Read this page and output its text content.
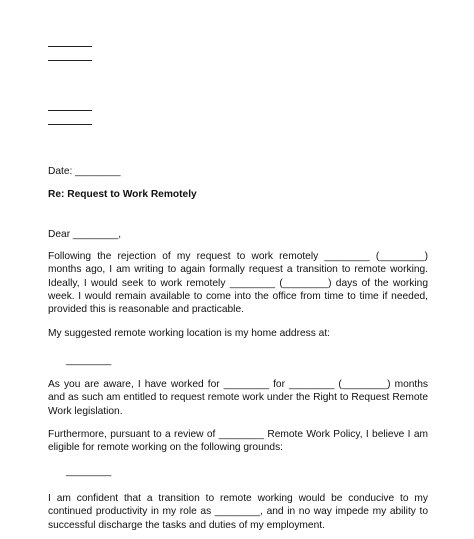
Date: ________
Re: Request to Work Remotely
Dear ________,
Following the rejection of my request to work remotely ________ (________) months ago, I am writing to again formally request a transition to remote working. Ideally, I would seek to work remotely ________ (________) days of the working week. I would remain available to come into the office from time to time if needed, provided this is reasonable and practicable.
My suggested remote working location is my home address at:
________
As you are aware, I have worked for ________ for ________ (________) months and as such am entitled to request remote work under the Right to Request Remote Work legislation.
Furthermore, pursuant to a review of ________ Remote Work Policy, I believe I am eligible for remote working on the following grounds:
________
I am confident that a transition to remote working would be conducive to my continued productivity in my role as ________, and in no way impede my ability to successful discharge the tasks and duties of my employment.
